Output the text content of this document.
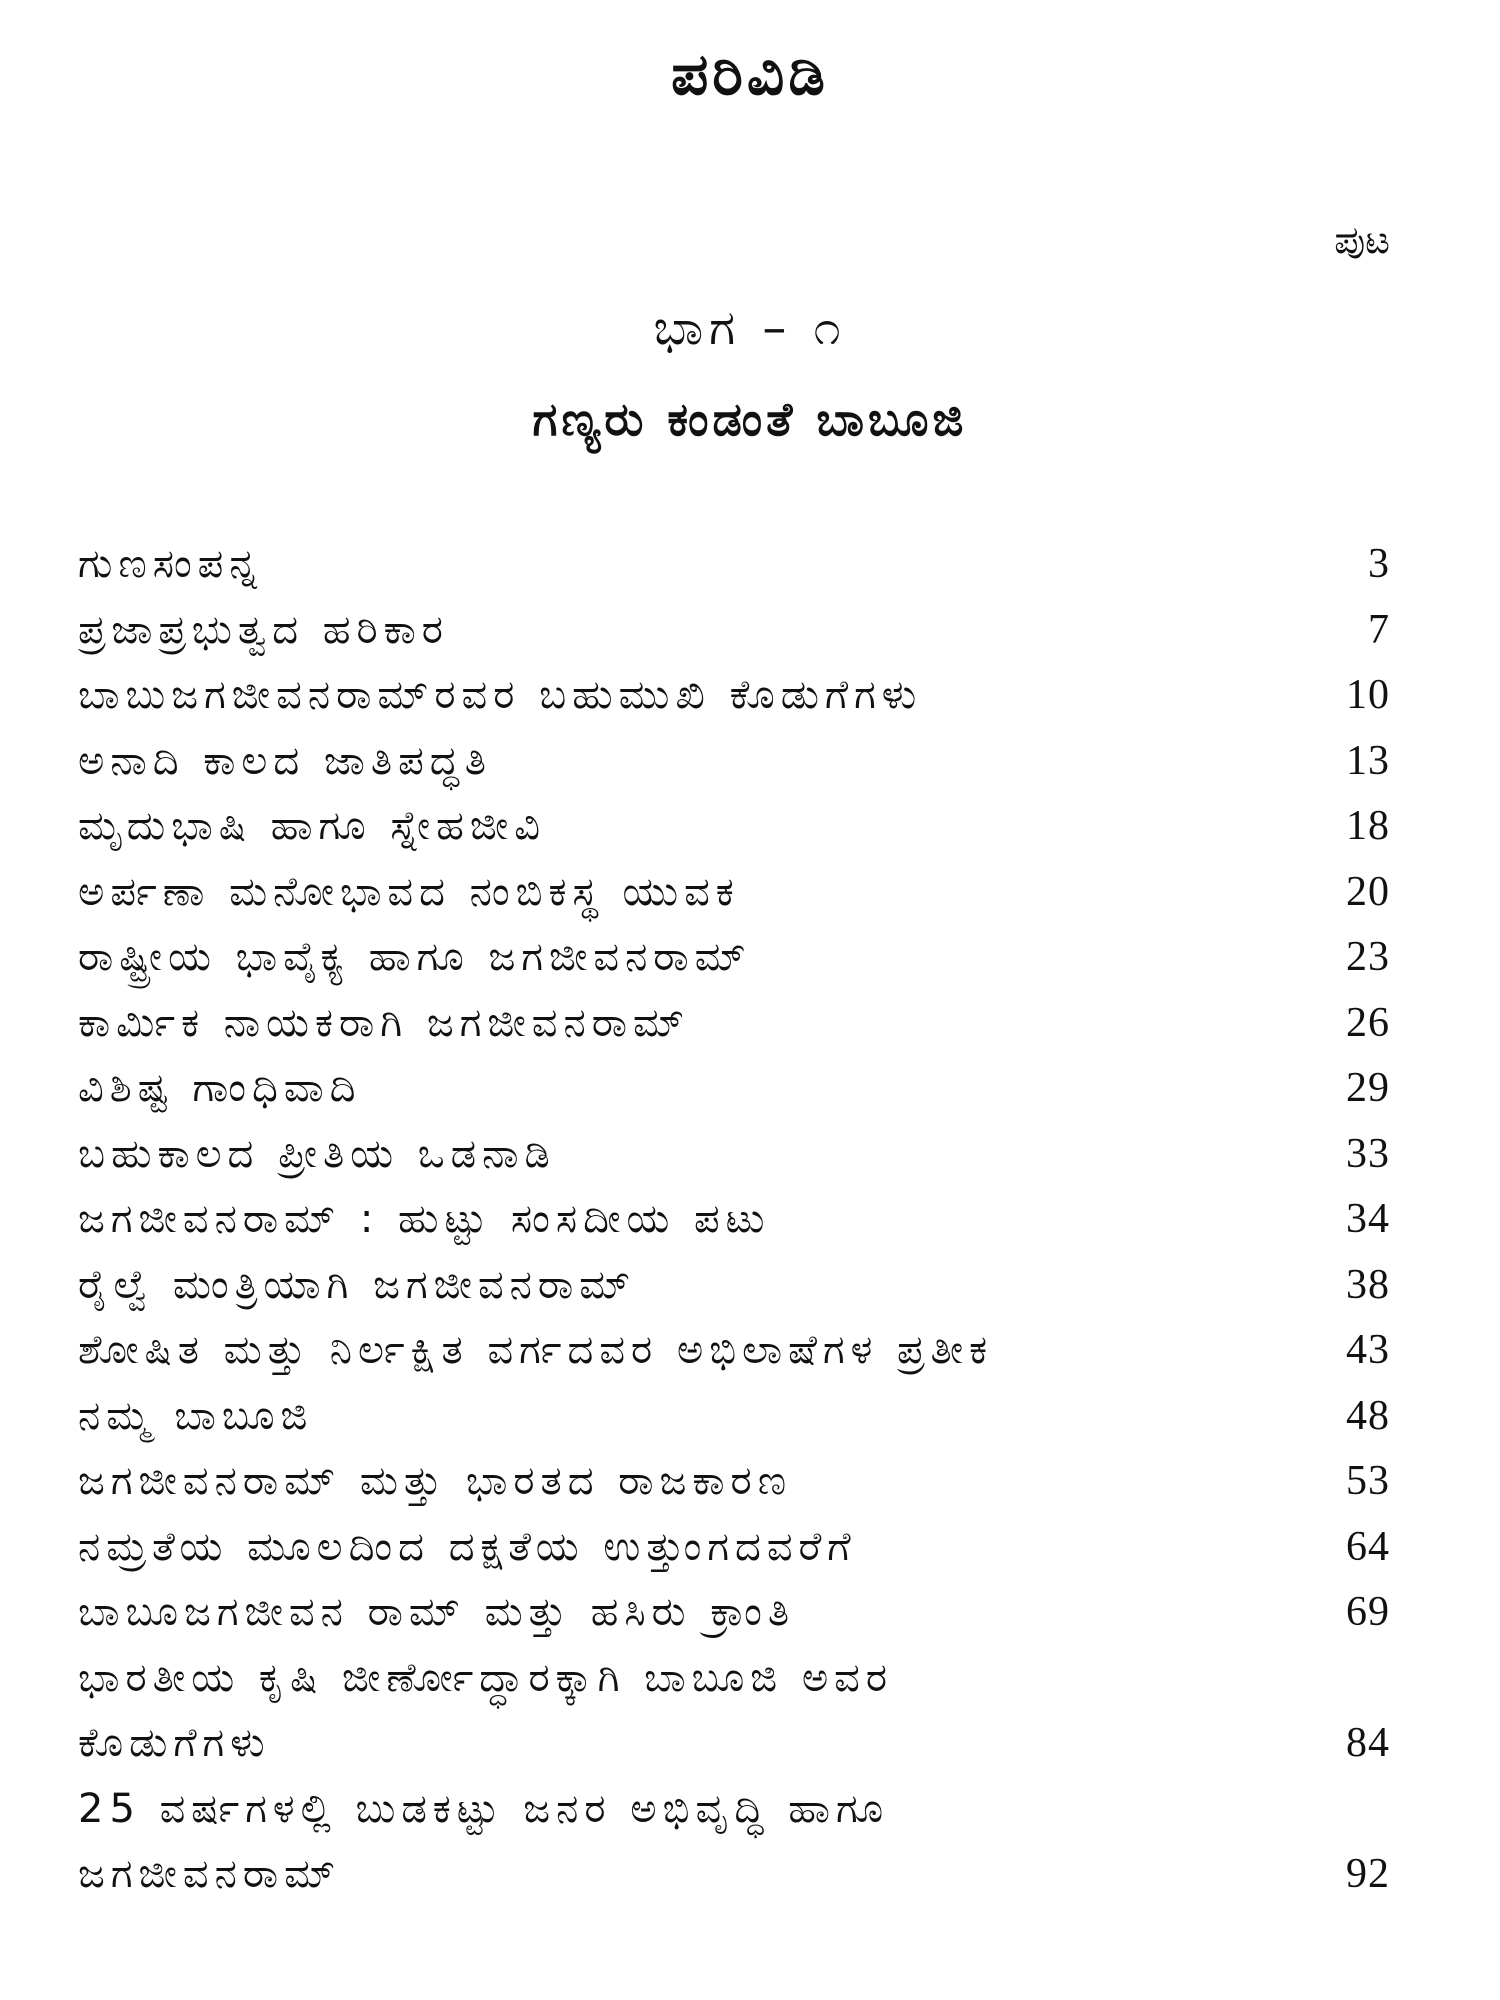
ಪರಿವಿಡಿ
ಪುಟ
ಭಾಗ – ೧
ಗಣ್ಯರು ಕಂಡಂತೆ ಬಾಬೂಜಿ
ಗುಣಸಂಪನ್ನ	3
ಪ್ರಜಾಪ್ರಭುತ್ವದ ಹರಿಕಾರ	7
ಬಾಬುಜಗಜೀವನರಾಮ್‌ರವರ ಬಹುಮುಖಿ ಕೊಡುಗೆಗಳು	10
ಅನಾದಿ ಕಾಲದ ಜಾತಿಪದ್ಧತಿ	13
ಮೃದುಭಾಷಿ ಹಾಗೂ ಸ್ನೇಹಜೀವಿ	18
ಅರ್ಪಣಾ ಮನೋಭಾವದ ನಂಬಿಕಸ್ಥ ಯುವಕ	20
ರಾಷ್ಟ್ರೀಯ ಭಾವೈಕ್ಯ ಹಾಗೂ ಜಗಜೀವನರಾಮ್	23
ಕಾರ್ಮಿಕ ನಾಯಕರಾಗಿ ಜಗಜೀವನರಾಮ್	26
ವಿಶಿಷ್ಟ ಗಾಂಧಿವಾದಿ	29
ಬಹುಕಾಲದ ಪ್ರೀತಿಯ ಒಡನಾಡಿ	33
ಜಗಜೀವನರಾಮ್ : ಹುಟ್ಟು ಸಂಸದೀಯ ಪಟು	34
ರೈಲ್ವೆ ಮಂತ್ರಿಯಾಗಿ ಜಗಜೀವನರಾಮ್	38
ಶೋಷಿತ ಮತ್ತು ನಿರ್ಲಕ್ಷಿತ ವರ್ಗದವರ ಅಭಿಲಾಷೆಗಳ ಪ್ರತೀಕ	43
ನಮ್ಮ ಬಾಬೂಜಿ	48
ಜಗಜೀವನರಾಮ್ ಮತ್ತು ಭಾರತದ ರಾಜಕಾರಣ	53
ನಮ್ರತೆಯ ಮೂಲದಿಂದ ದಕ್ಷತೆಯ ಉತ್ತುಂಗದವರೆಗೆ	64
ಬಾಬೂಜಗಜೀವನ ರಾಮ್ ಮತ್ತು ಹಸಿರು ಕ್ರಾಂತಿ	69
ಭಾರತೀಯ ಕೃಷಿ ಜೀರ್ಣೋದ್ಧಾರಕ್ಕಾಗಿ ಬಾಬೂಜಿ ಅವರ
ಕೊಡುಗೆಗಳು	84
25 ವರ್ಷಗಳಲ್ಲಿ ಬುಡಕಟ್ಟು ಜನರ ಅಭಿವೃದ್ಧಿ ಹಾಗೂ
ಜಗಜೀವನರಾಮ್	92
